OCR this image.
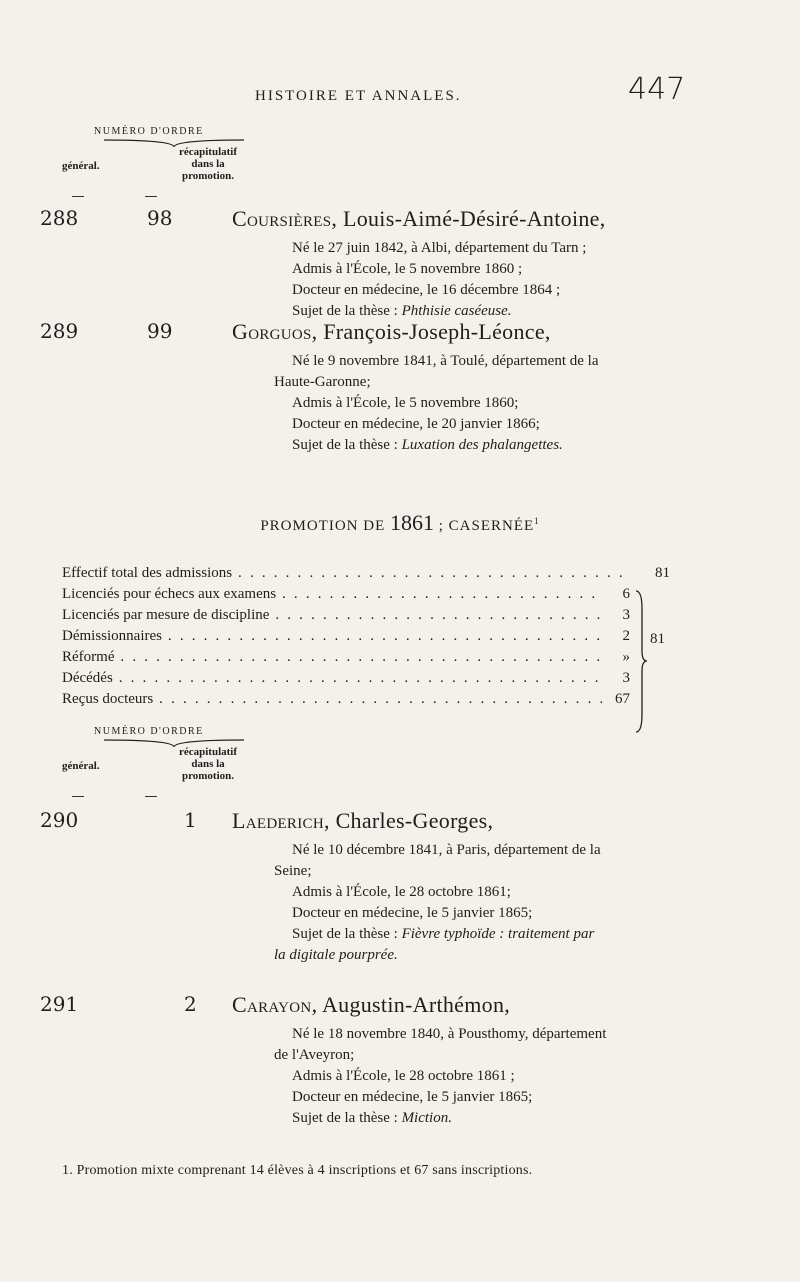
HISTOIRE ET ANNALES.	447
NUMÉRO D'ORDRE
récapitulatif
dans la
promotion.
général.
288	98	Coursières, Louis-Aimé-Désiré-Antoine,
Né le 27 juin 1842, à Albi, département du Tarn ;
Admis à l'École, le 5 novembre 1860 ;
Docteur en médecine, le 16 décembre 1864 ;
Sujet de la thèse : Phthisie caséeuse.
289	99	Gorguos, François-Joseph-Léonce,
Né le 9 novembre 1841, à Toulé, département de la
Haute-Garonne;
Admis à l'École, le 5 novembre 1860;
Docteur en médecine, le 20 janvier 1866;
Sujet de la thèse : Luxation des phalangettes.
PROMOTION DE 1861 ; CASERNÉE$^1$
Effectif total des admissions . . .	81
Licenciés pour échecs aux examens . . .	6
Licenciés par mesure de discipline . . .	3
Démissionnaires . . .	2
Réformé . . .	»
Décédés . . .	3
Reçus docteurs . . .	67
81
NUMÉRO D'ORDRE
récapitulatif
dans la
promotion.
général.
290	1 Laederich, Charles-Georges,
Né le 10 décembre 1841, à Paris, département de la
Seine;
Admis à l'École, le 28 octobre 1861;
Docteur en médecine, le 5 janvier 1865;
Sujet de la thèse : Fièvre typhoïde : traitement par
la digitale pourprée.
291	2 Carayon, Augustin-Arthémon,
Né le 18 novembre 1840, à Pousthomy, département
de l'Aveyron;
Admis à l'École, le 28 octobre 1861 ;
Docteur en médecine, le 5 janvier 1865;
Sujet de la thèse : Miction.
1. Promotion mixte comprenant 14 élèves à 4 inscriptions et 67 sans inscriptions.
